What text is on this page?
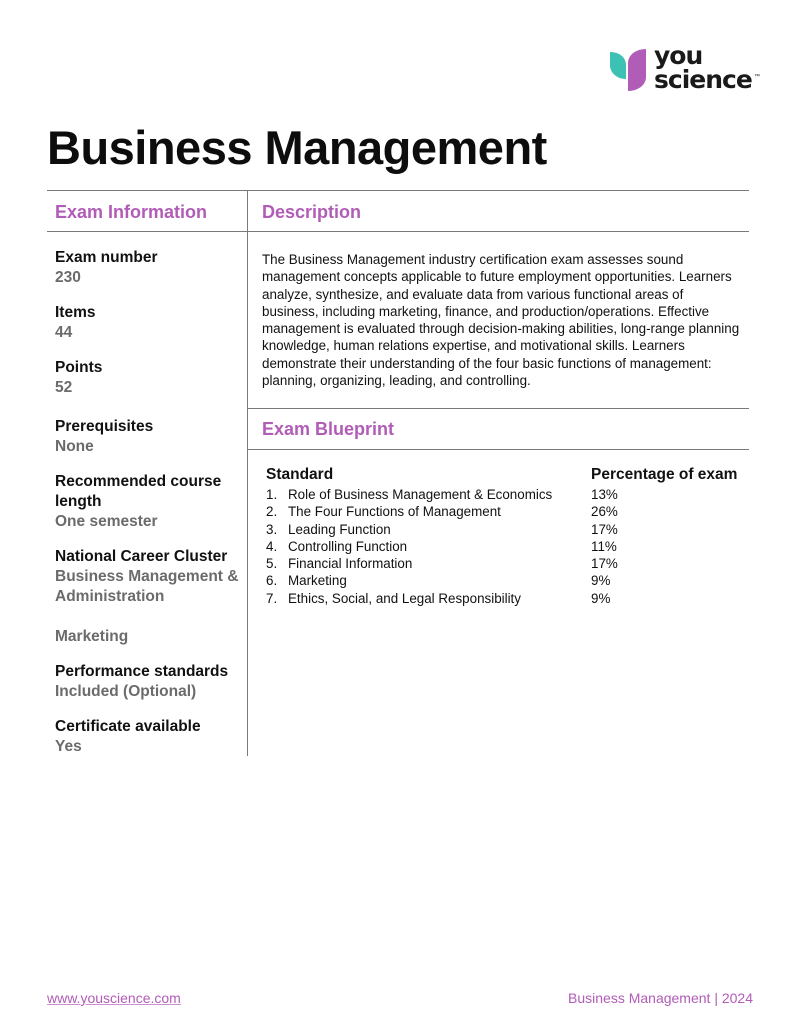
you
science ™
Business Management
Exam Information	Description
Exam Blueprint
Exam number
230
Items
44
Points
52
Prerequisites
None
Recommended course length
One semester
National Career Cluster
Business Management & Administration
Marketing
Performance standards
Included (Optional)
Certificate available
Yes

The Business Management industry certification exam assesses sound management concepts applicable to future employment opportunities. Learners analyze, synthesize, and evaluate data from various functional areas of business, including marketing, finance, and production/operations. Effective management is evaluated through decision-making abilities, long-range planning knowledge, human relations expertise, and motivational skills. Learners demonstrate their understanding of the four basic functions of management: planning, organizing, leading, and controlling.

Standard	Percentage of exam
1. Role of Business Management & Economics	13%
2. The Four Functions of Management	26%
3. Leading Function	17%
4. Controlling Function	11%
5. Financial Information	17%
6. Marketing	9%
7. Ethics, Social, and Legal Responsibility	9%
www.youscience.com	Business Management | 2024
